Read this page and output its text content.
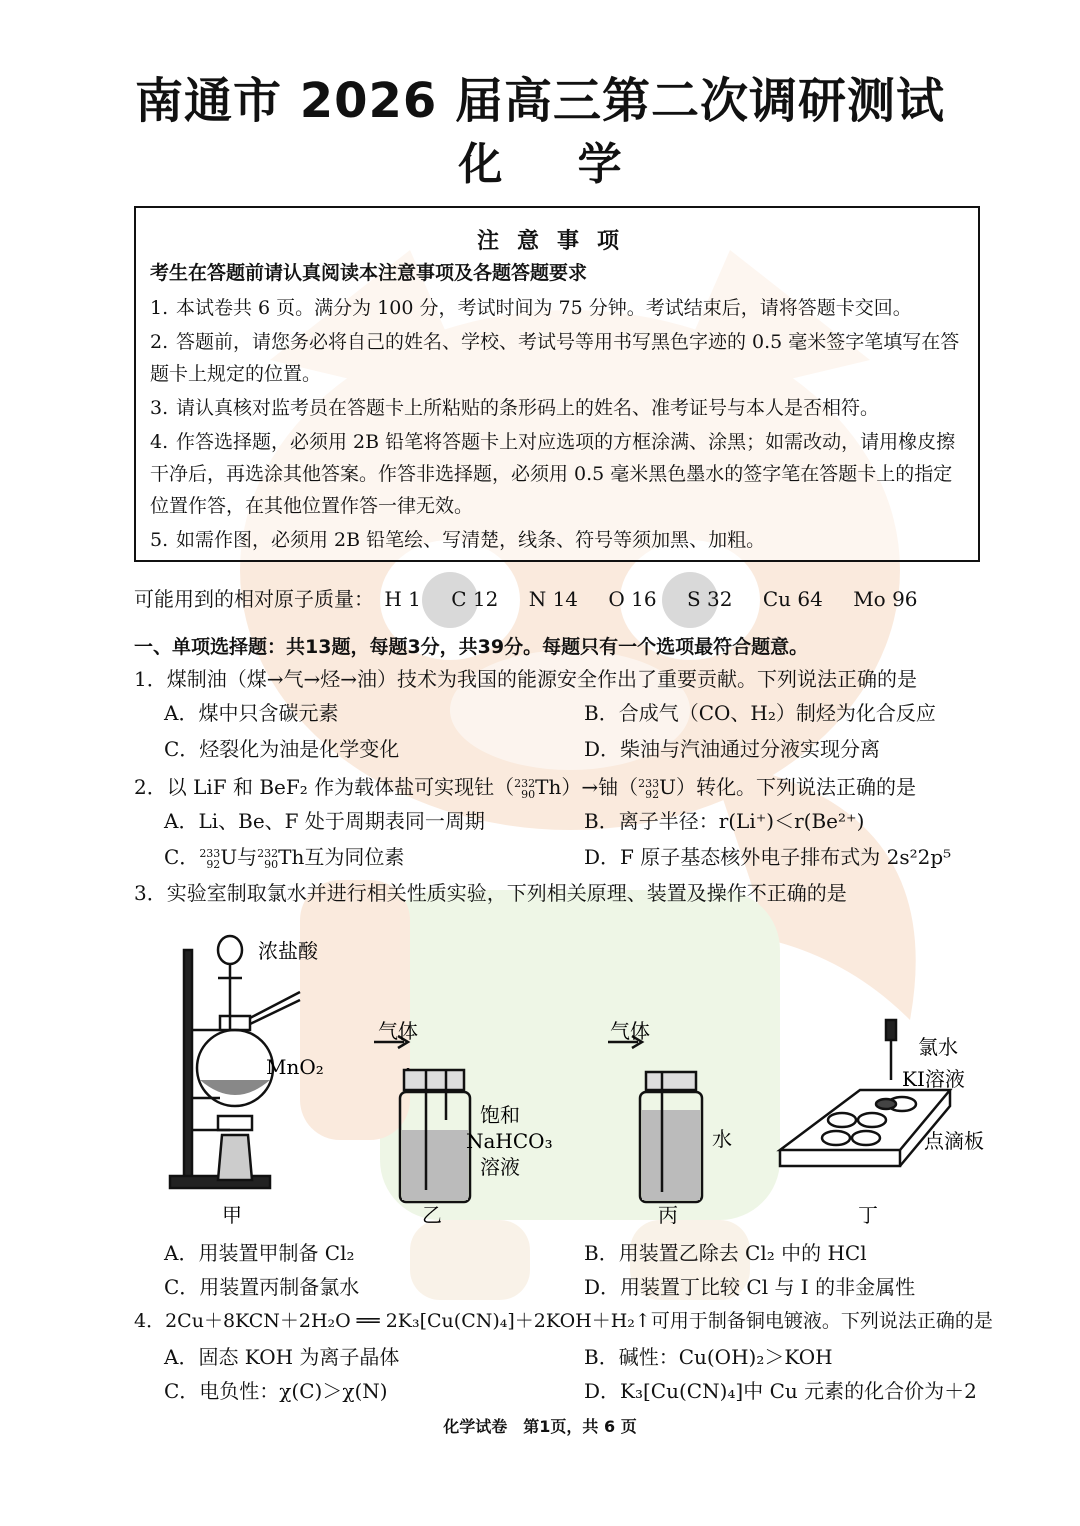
南通市 2026 届高三第二次调研测试
化 学
注意事项
考生在答题前请认真阅读本注意事项及各题答题要求
1. 本试卷共 6 页。满分为 100 分，考试时间为 75 分钟。考试结束后，请将答题卡交回。
2. 答题前，请您务必将自己的姓名、学校、考试号等用书写黑色字迹的 0.5 毫米签字笔填写在答题卡上规定的位置。
3. 请认真核对监考员在答题卡上所粘贴的条形码上的姓名、准考证号与本人是否相符。
4. 作答选择题，必须用 2B 铅笔将答题卡上对应选项的方框涂满、涂黑；如需改动，请用橡皮擦干净后，再选涂其他答案。作答非选择题，必须用 0.5 毫米黑色墨水的签字笔在答题卡上的指定位置作答，在其他位置作答一律无效。
5. 如需作图，必须用 2B 铅笔绘、写清楚，线条、符号等须加黑、加粗。
可能用到的相对原子质量： H 1 C 12 N 14 O 16 S 32 Cu 64 Mo 96
一、单项选择题：共13题，每题3分，共39分。每题只有一个选项最符合题意。
1．煤制油（煤→气→烃→油）技术为我国的能源安全作出了重要贡献。下列说法正确的是
A．煤中只含碳元素	B．合成气（CO、H₂）制烃为化合反应
C．烃裂化为油是化学变化	D．柴油与汽油通过分液实现分离
2．以 LiF 和 BeF₂ 作为载体盐可实现钍（232
90Th）→铀（233
92U）转化。下列说法正确的是
A．Li、Be、F 处于周期表同一周期	B．离子半径：r(Li⁺)＜r(Be²⁺)
C．233
92U与232
90Th互为同位素	D．F 原子基态核外电子排布式为 2s²2p⁵
3．实验室制取氯水并进行相关性质实验，下列相关原理、装置及操作不正确的是
浓盐酸
MnO₂
甲
气体
饱和
NaHCO₃
溶液
乙
气体
水
丙
氯水
KI溶液
点滴板
丁
A．用装置甲制备 Cl₂	B．用装置乙除去 Cl₂ 中的 HCl
C．用装置丙制备氯水	D．用装置丁比较 Cl 与 I 的非金属性
4．2Cu＋8KCN＋2H₂O ══ 2K₃[Cu(CN)₄]＋2KOH＋H₂↑可用于制备铜电镀液。下列说法正确的是
A．固态 KOH 为离子晶体	B．碱性：Cu(OH)₂＞KOH
C．电负性：χ(C)＞χ(N)	D．K₃[Cu(CN)₄]中 Cu 元素的化合价为＋2
化学试卷　第1页，共 6 页
